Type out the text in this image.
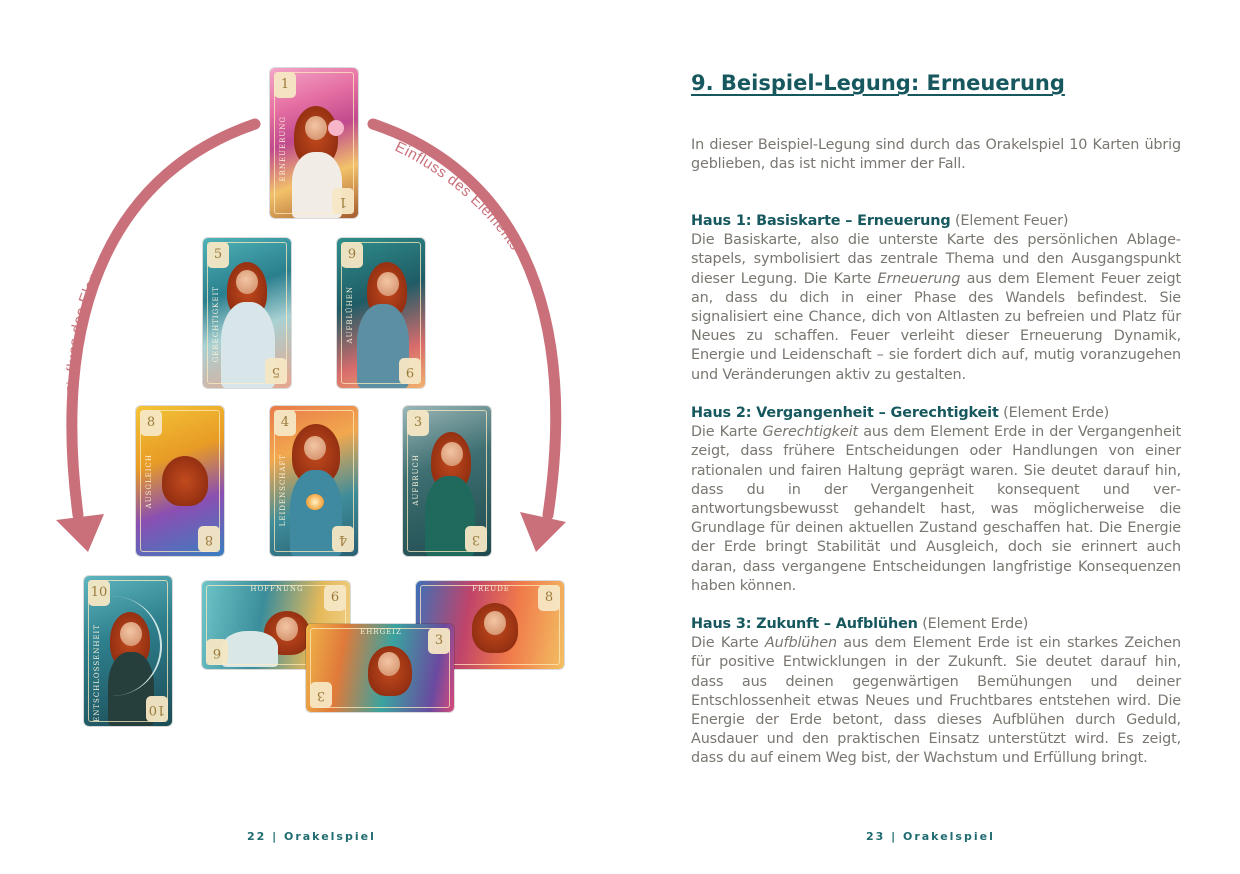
Einfluss des Elements
Einfluss des Elements
1
1
ERNEUERUNG
5
5
GERECHTIGKEIT
9
9
AUFBLÜHEN
8
8
AUSGLEICH
4
4
LEIDENSCHAFT
3
3
AUFBRUCH
10
10
ENTSCHLOSSENHEIT
6
6
HOFFNUNG
8
FREUDE
3
3
EHRGEIZ
22 | Orakelspiel
9. Beispiel-Legung: Erneuerung
In dieser Beispiel-Legung sind durch das Orakelspiel 10 Karten übrig geblieben, das ist nicht immer der Fall.
Haus 1: Basiskarte – Erneuerung (Element Feuer)
Die Basiskarte, also die unterste Karte des persönlichen Ablagestapels, symbolisiert das zentrale Thema und den Ausgangspunkt dieser Legung. Die Karte Erneuerung aus dem Element Feuer zeigt an, dass du dich in einer Phase des Wandels befindest. Sie signalisiert eine Chance, dich von Altlasten zu befreien und Platz für Neues zu schaffen. Feuer verleiht dieser Erneuerung Dynamik, Energie und Leidenschaft – sie fordert dich auf, mutig voranzugehen und Veränderungen aktiv zu gestalten.
Haus 2: Vergangenheit – Gerechtigkeit (Element Erde)
Die Karte Gerechtigkeit aus dem Element Erde in der Vergangenheit zeigt, dass frühere Entscheidungen oder Handlungen von einer rationalen und fairen Haltung geprägt waren. Sie deutet darauf hin, dass du in der Vergangenheit konsequent und verantwortungsbewusst gehandelt hast, was möglicherweise die Grundlage für deinen aktuellen Zustand geschaffen hat. Die Energie der Erde bringt Stabilität und Ausgleich, doch sie erinnert auch daran, dass vergangene Entscheidungen langfristige Konsequenzen haben können.
Haus 3: Zukunft – Aufblühen (Element Erde)
Die Karte Aufblühen aus dem Element Erde ist ein starkes Zeichen für positive Entwicklungen in der Zukunft. Sie deutet darauf hin, dass aus deinen gegenwärtigen Bemühungen und deiner Entschlossenheit etwas Neues und Fruchtbares entstehen wird. Die Energie der Erde betont, dass dieses Aufblühen durch Geduld, Ausdauer und den praktischen Einsatz unterstützt wird. Es zeigt, dass du auf einem Weg bist, der Wachstum und Erfüllung bringt.
23 | Orakelspiel
